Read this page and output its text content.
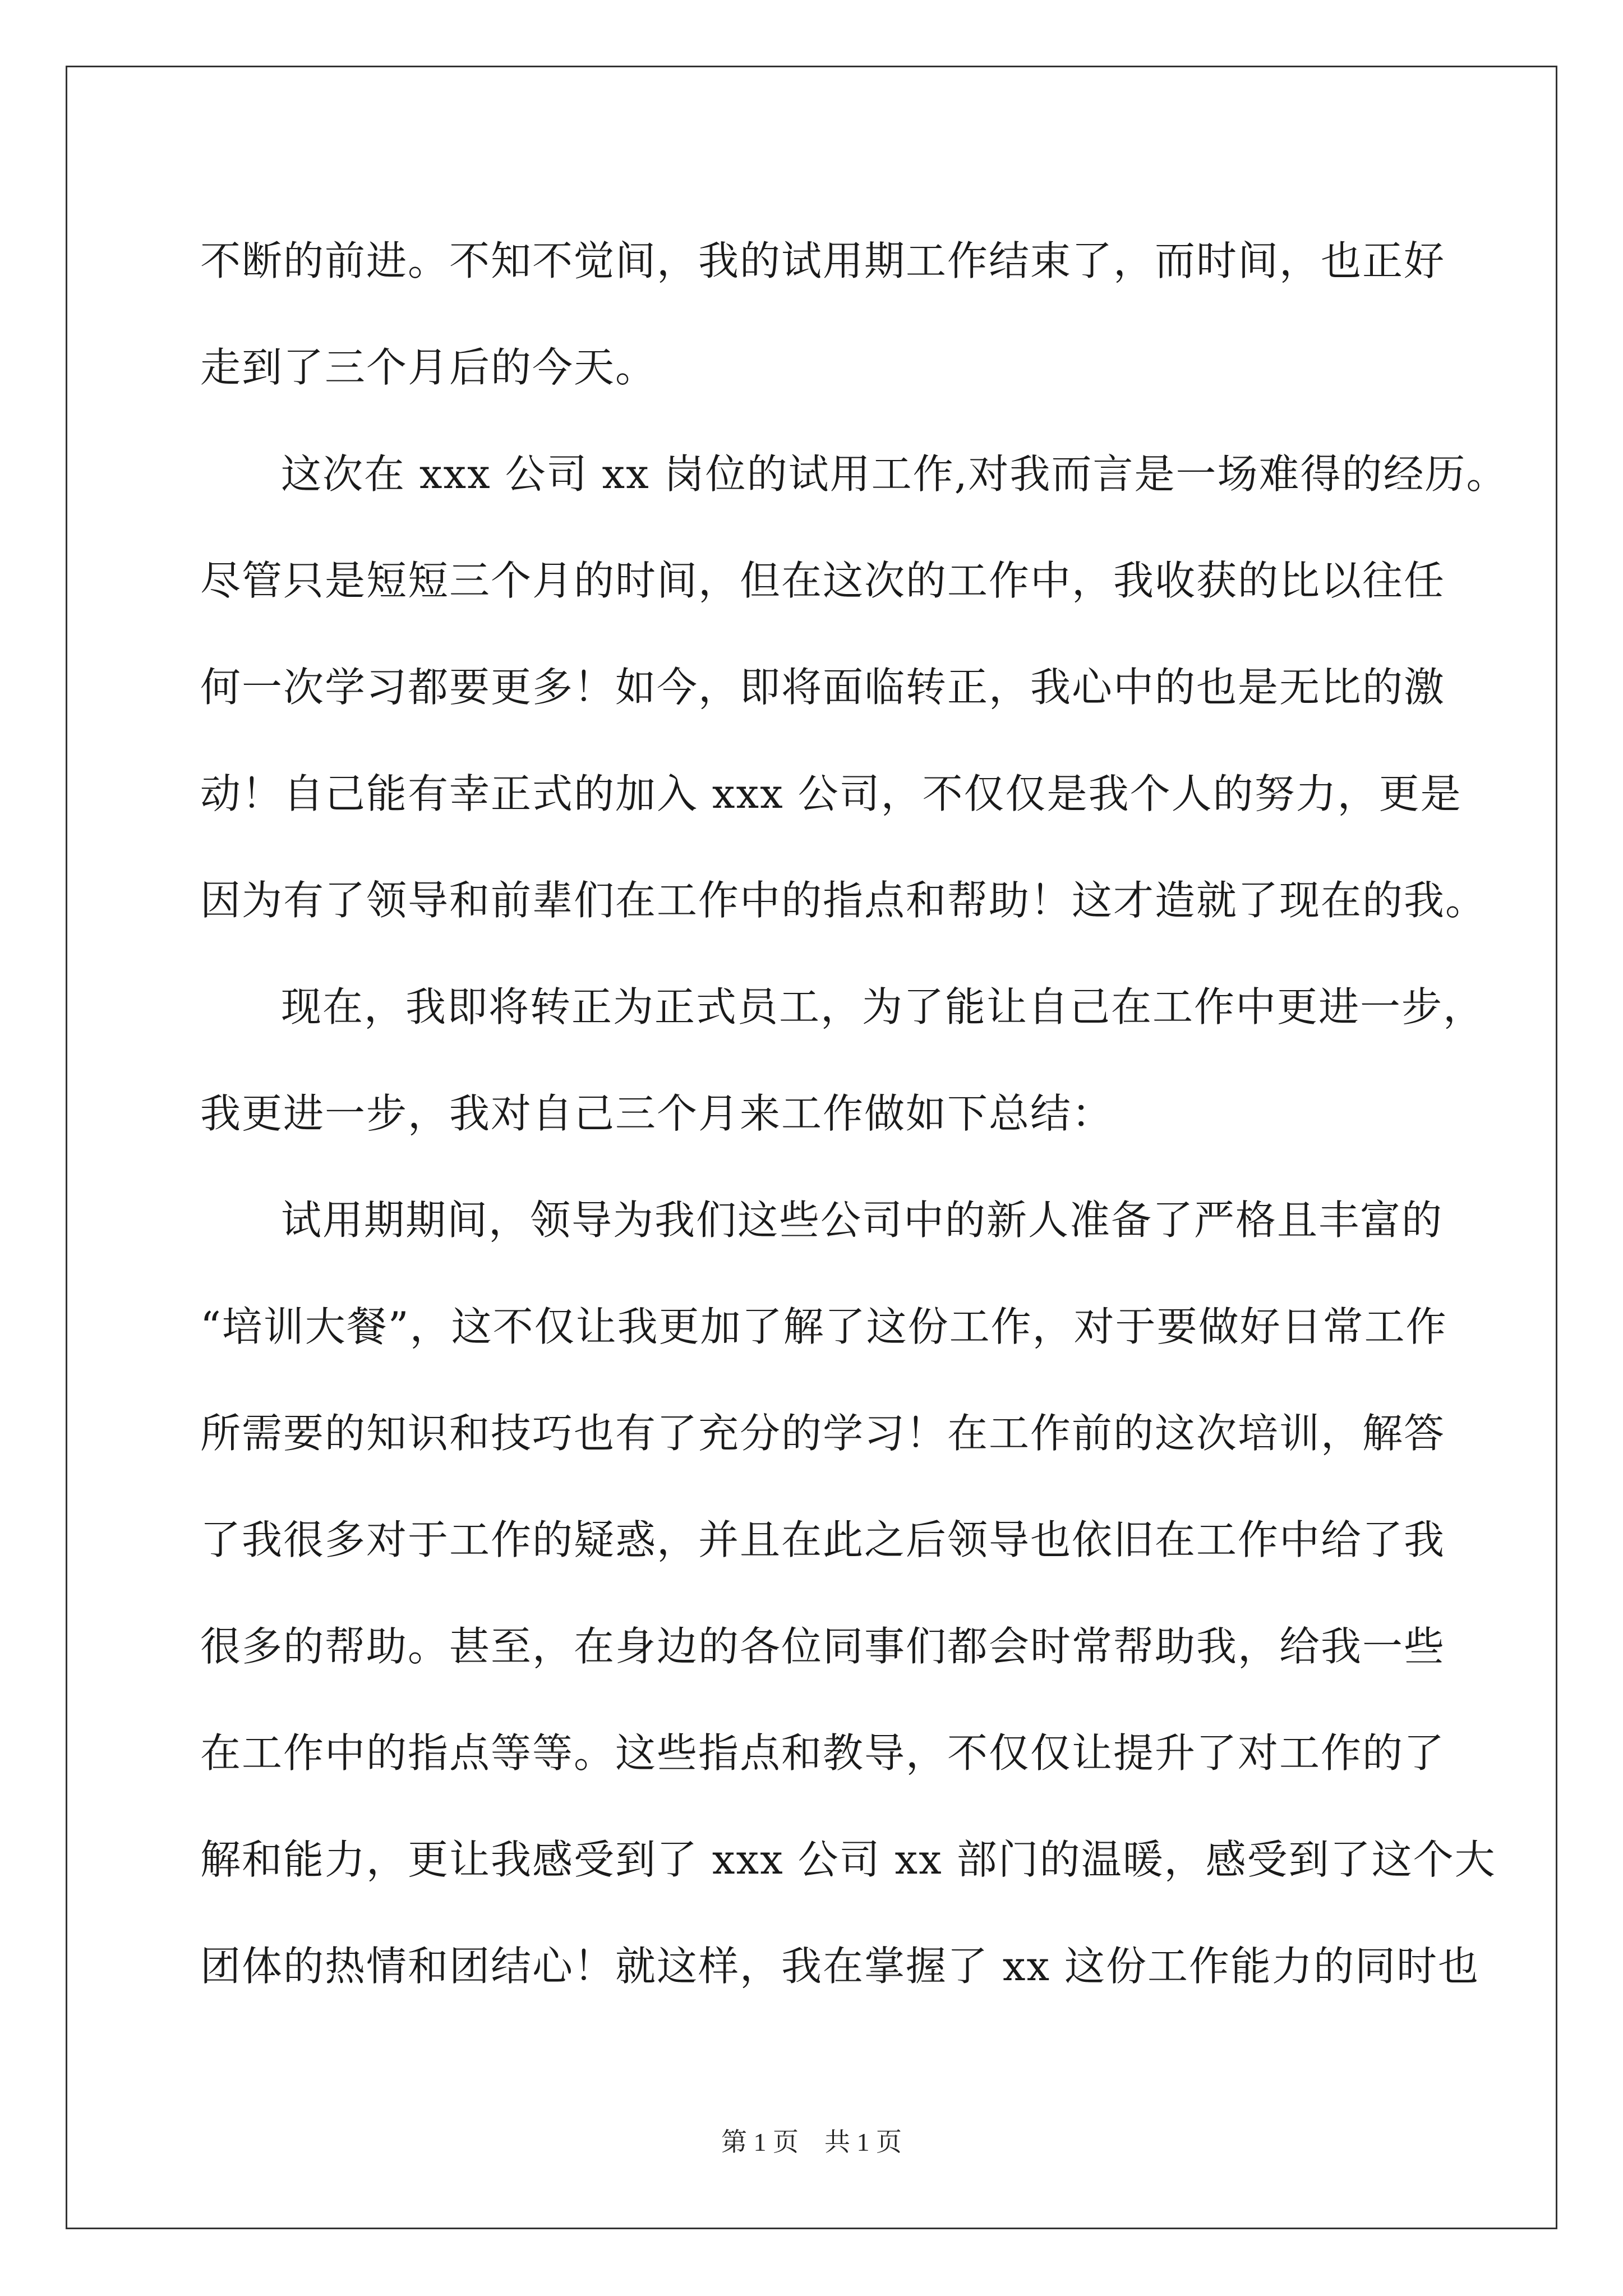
不断的前进。不知不觉间，我的试用期工作结束了，而时间，也正好
走到了三个月后的今天。
这次在 xxx 公司 xx 岗位的试用工作,对我而言是一场难得的经历。
尽管只是短短三个月的时间，但在这次的工作中，我收获的比以往任
何一次学习都要更多！如今，即将面临转正，我心中的也是无比的激
动！自己能有幸正式的加入 xxx 公司，不仅仅是我个人的努力，更是
因为有了领导和前辈们在工作中的指点和帮助！这才造就了现在的我。
现在，我即将转正为正式员工，为了能让自己在工作中更进一步，
我更进一步，我对自己三个月来工作做如下总结：
试用期期间，领导为我们这些公司中的新人准备了严格且丰富的
“培训大餐”，这不仅让我更加了解了这份工作，对于要做好日常工作
所需要的知识和技巧也有了充分的学习！在工作前的这次培训，解答
了我很多对于工作的疑惑，并且在此之后领导也依旧在工作中给了我
很多的帮助。甚至，在身边的各位同事们都会时常帮助我，给我一些
在工作中的指点等等。这些指点和教导，不仅仅让提升了对工作的了
解和能力，更让我感受到了 xxx 公司 xx 部门的温暖，感受到了这个大
团体的热情和团结心！就这样，我在掌握了 xx 这份工作能力的同时也
第 1 页　共 1 页
